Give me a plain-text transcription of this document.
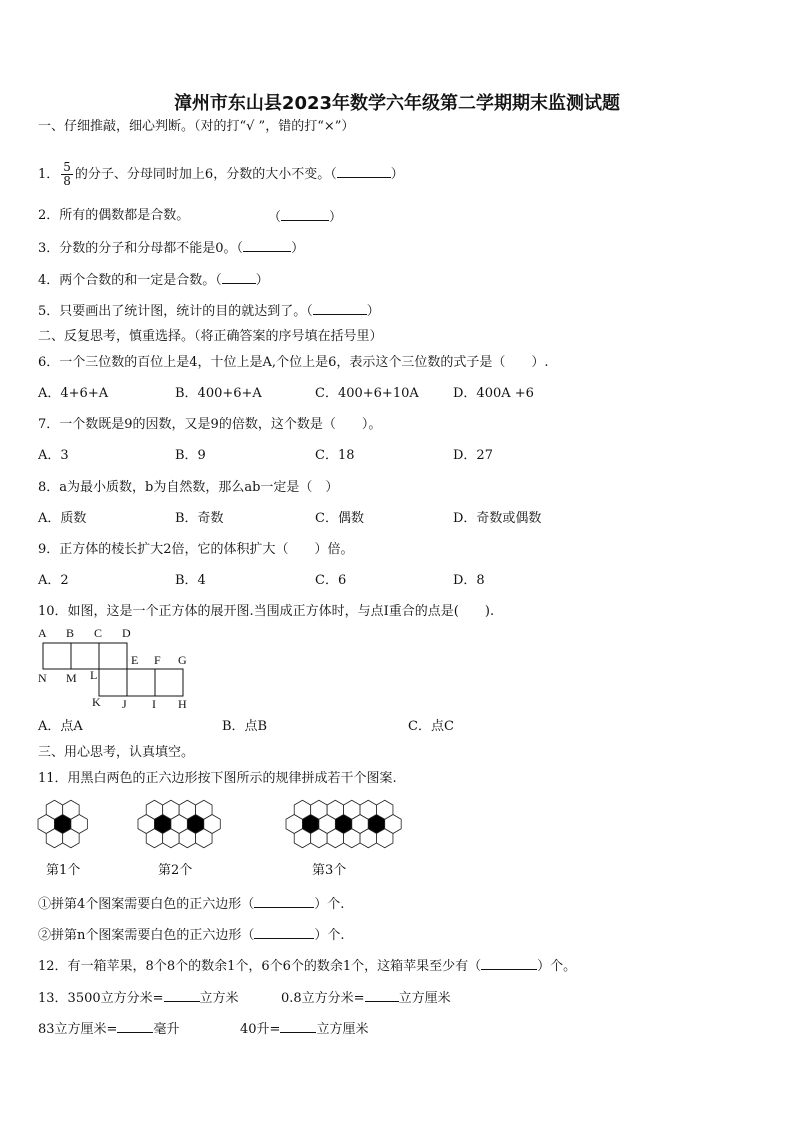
漳州市东山县2023年数学六年级第二学期期末监测试题
一、仔细推敲，细心判断。（对的打“√ ”，错的打“×”）
1． $\frac{5}{8}$ 的分子、分母同时加上6，分数的大小不变。（	）
2．所有的偶数都是合数。	（	）
3．分数的分子和分母都不能是0。（	）
4．两个合数的和一定是合数。（	）
5．只要画出了统计图，统计的目的就达到了。（	）
二、反复思考，慎重选择。（将正确答案的序号填在括号里）
6．一个三位数的百位上是4，十位上是A,个位上是6，表示这个三位数的式子是（　　）.
A．4+6+A	B．400+6+A	C．400+6+10A	D．400A +6
7．一个数既是9的因数，又是9的倍数，这个数是（　　）。
A．3	B．9	C．18	D．27
8．a为最小质数，b为自然数，那么ab一定是（　）
A．质数	B．奇数	C．偶数	D．奇数或偶数
9．正方体的棱长扩大2倍，它的体积扩大（　　）倍。
A．2	B．4	C．6	D．8
10．如图，这是一个正方体的展开图.当围成正方体时，与点I重合的点是(　　).
A B C D
E F G
N M L
K J I H
A．点A	B．点B	C．点C
三、用心思考，认真填空。
11．用黑白两色的正六边形按下图所示的规律拼成若干个图案.
第1个	第2个	第3个
①拼第4个图案需要白色的正六边形（	）个.
②拼第n个图案需要白色的正六边形（	）个.
12．有一箱苹果，8个8个的数余1个，6个6个的数余1个，这箱苹果至少有（	）个。
13．3500立方分米=	立方米	0.8立方分米=	立方厘米
83立方厘米=	毫升	40升=	立方厘米
